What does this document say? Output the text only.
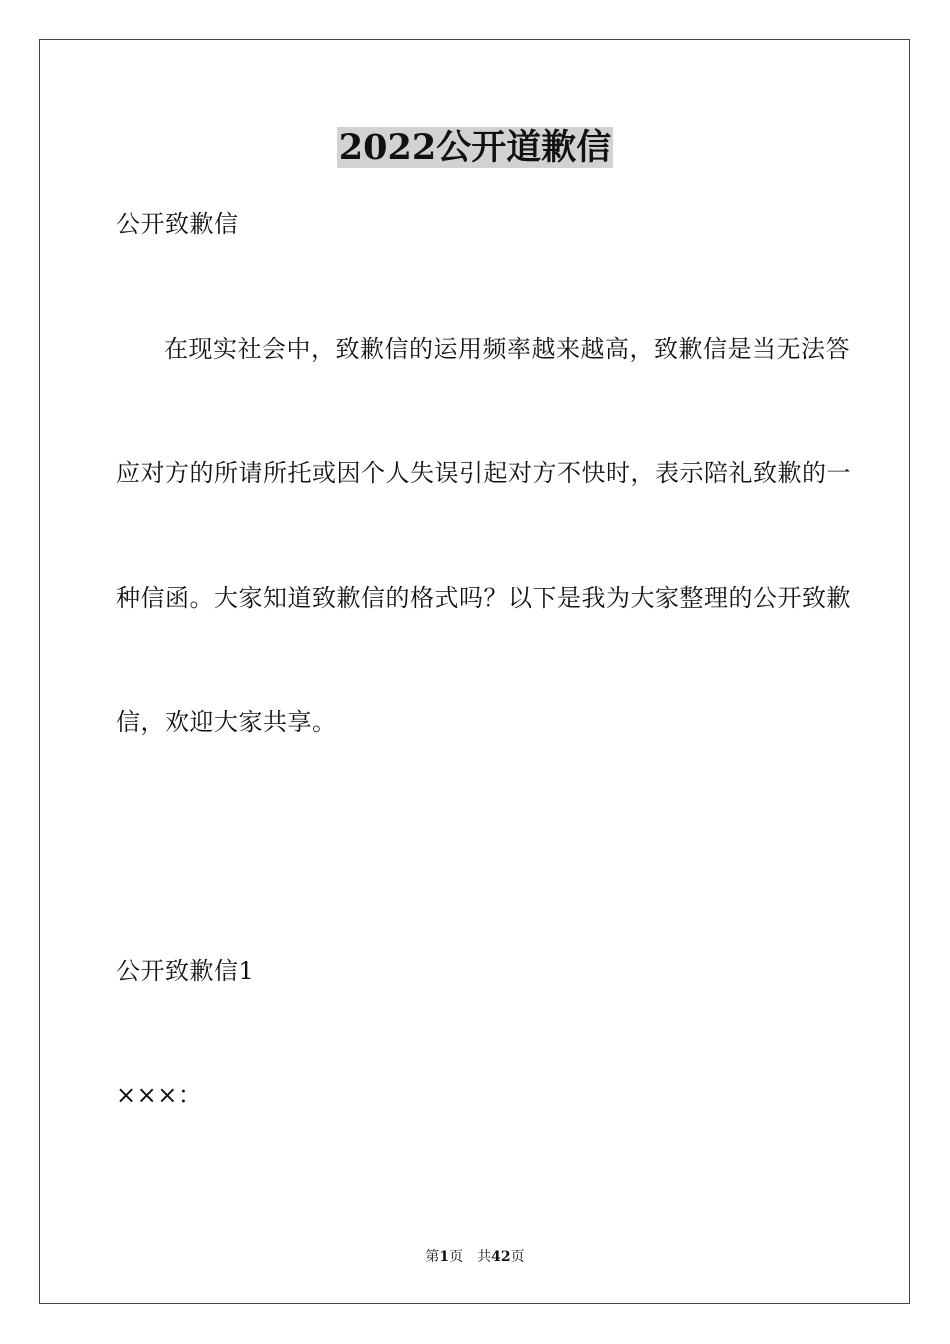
2022公开道歉信

公开致歉信

在现实社会中，致歉信的运用频率越来越高，致歉信是当无法答

应对方的所请所托或因个人失误引起对方不快时，表示陪礼致歉的一

种信函。大家知道致歉信的格式吗？以下是我为大家整理的公开致歉

信，欢迎大家共享。

公开致歉信1

×××：

第1页 共42页
